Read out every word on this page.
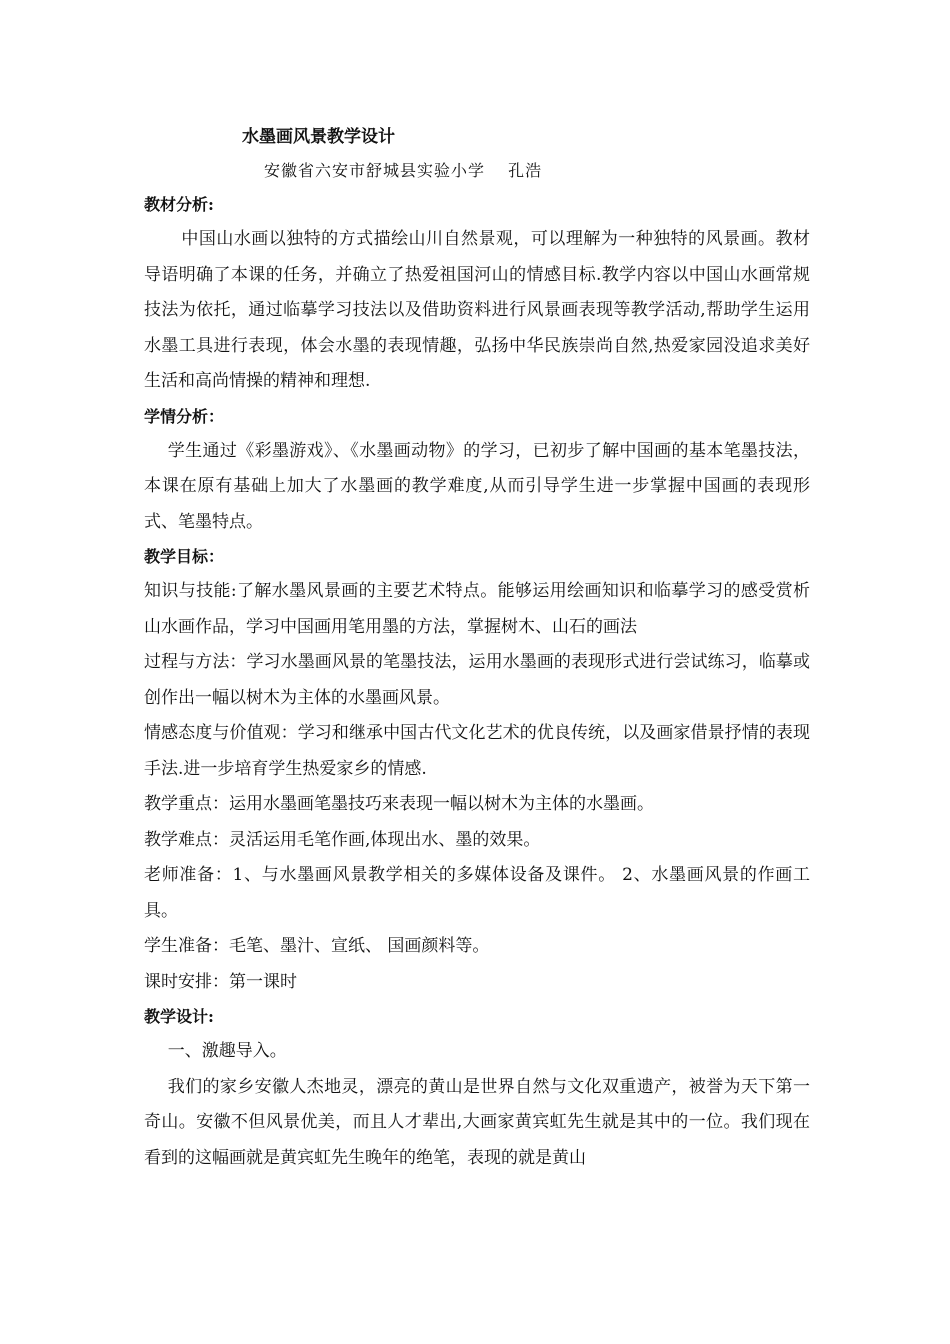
水墨画风景教学设计
安徽省六安市舒城县实验小学　 孔浩
教材分析:

中国山水画以独特的方式描绘山川自然景观，可以理解为一种独特的风景画。教材导语明确了本课的任务，并确立了热爱祖国河山的情感目标.教学内容以中国山水画常规技法为依托，通过临摹学习技法以及借助资料进行风景画表现等教学活动,帮助学生运用水墨工具进行表现，体会水墨的表现情趣，弘扬中华民族崇尚自然,热爱家园没追求美好生活和高尚情操的精神和理想.

学情分析：

学生通过《彩墨游戏》、《水墨画动物》的学习，已初步了解中国画的基本笔墨技法，本课在原有基础上加大了水墨画的教学难度,从而引导学生进一步掌握中国画的表现形式、笔墨特点。

教学目标：

知识与技能:了解水墨风景画的主要艺术特点。能够运用绘画知识和临摹学习的感受赏析山水画作品，学习中国画用笔用墨的方法，掌握树木、山石的画法

过程与方法：学习水墨画风景的笔墨技法，运用水墨画的表现形式进行尝试练习，临摹或创作出一幅以树木为主体的水墨画风景。

情感态度与价值观：学习和继承中国古代文化艺术的优良传统，以及画家借景抒情的表现手法.进一步培育学生热爱家乡的情感.

教学重点：运用水墨画笔墨技巧来表现一幅以树木为主体的水墨画。

教学难点：灵活运用毛笔作画,体现出水、墨的效果。

老师准备：1、与水墨画风景教学相关的多媒体设备及课件。 2、水墨画风景的作画工具。

学生准备：毛笔、墨汁、宣纸、 国画颜料等。

课时安排：第一课时

教学设计:

一、激趣导入。

我们的家乡安徽人杰地灵，漂亮的黄山是世界自然与文化双重遗产，被誉为天下第一奇山。安徽不但风景优美，而且人才辈出,大画家黄宾虹先生就是其中的一位。我们现在看到的这幅画就是黄宾虹先生晚年的绝笔，表现的就是黄山
